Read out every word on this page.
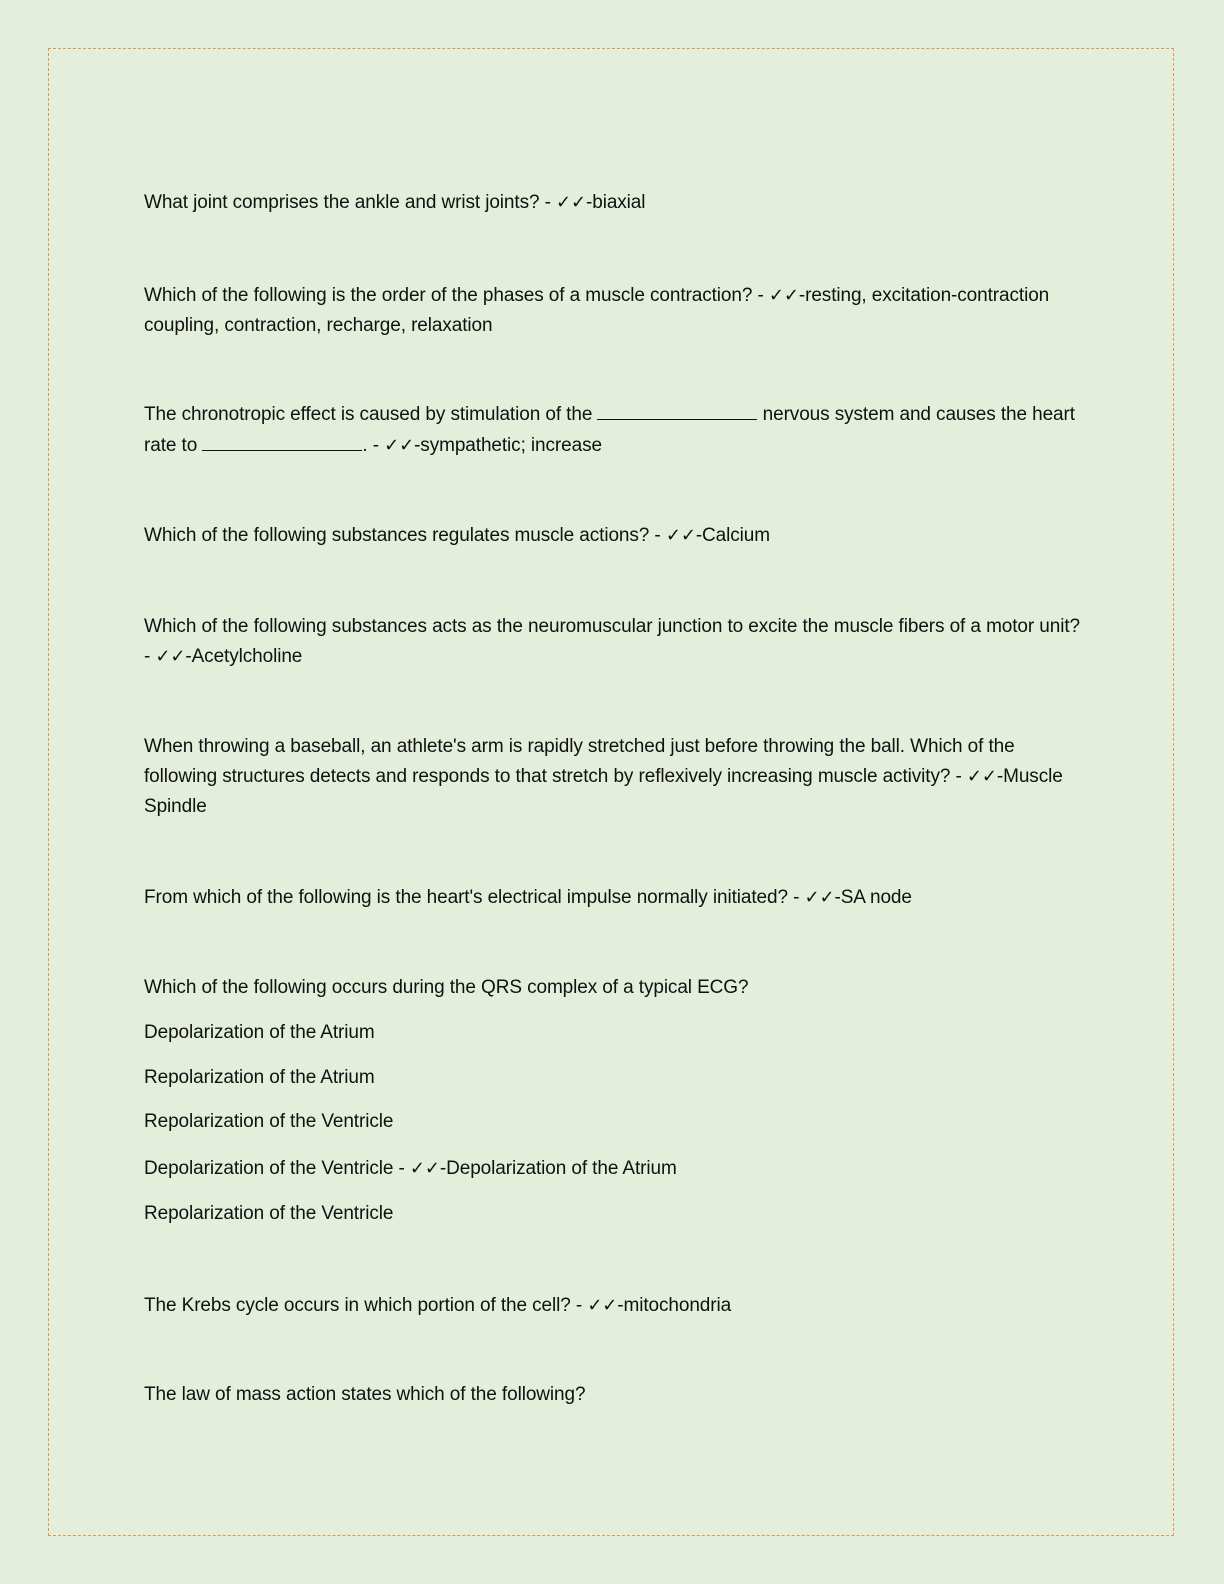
What joint comprises the ankle and wrist joints? - ✓✓-biaxial

Which of the following is the order of the phases of a muscle contraction? - ✓✓-resting, excitation-contraction coupling, contraction, recharge, relaxation

The chronotropic effect is caused by stimulation of the	nervous system and causes the heart rate to	. - ✓✓-sympathetic; increase

Which of the following substances regulates muscle actions? - ✓✓-Calcium

Which of the following substances acts as the neuromuscular junction to excite the muscle fibers of a motor unit? - ✓✓-Acetylcholine

When throwing a baseball, an athlete's arm is rapidly stretched just before throwing the ball. Which of the following structures detects and responds to that stretch by reflexively increasing muscle activity? - ✓✓-Muscle Spindle

From which of the following is the heart's electrical impulse normally initiated? - ✓✓-SA node

Which of the following occurs during the QRS complex of a typical ECG?

Depolarization of the Atrium

Repolarization of the Atrium

Repolarization of the Ventricle

Depolarization of the Ventricle - ✓✓-Depolarization of the Atrium

Repolarization of the Ventricle

The Krebs cycle occurs in which portion of the cell? - ✓✓-mitochondria

The law of mass action states which of the following?
